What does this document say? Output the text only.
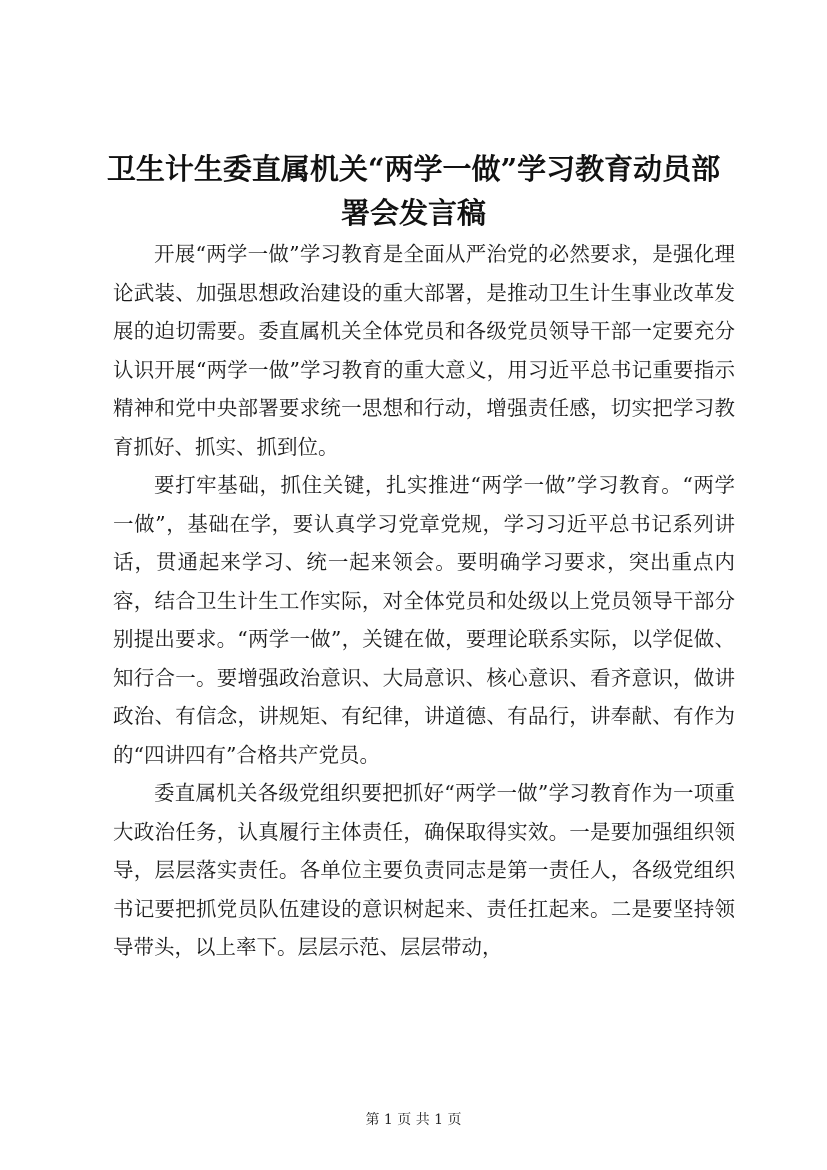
卫生计生委直属机关“两学一做”学习教育动员部署会发言稿

开展“两学一做”学习教育是全面从严治党的必然要求，是强化理论武装、加强思想政治建设的重大部署，是推动卫生计生事业改革发展的迫切需要。委直属机关全体党员和各级党员领导干部一定要充分认识开展“两学一做”学习教育的重大意义，用习近平总书记重要指示精神和党中央部署要求统一思想和行动，增强责任感，切实把学习教育抓好、抓实、抓到位。

要打牢基础，抓住关键，扎实推进“两学一做”学习教育。“两学一做”，基础在学，要认真学习党章党规，学习习近平总书记系列讲话，贯通起来学习、统一起来领会。要明确学习要求，突出重点内容，结合卫生计生工作实际，对全体党员和处级以上党员领导干部分别提出要求。“两学一做”，关键在做，要理论联系实际，以学促做、知行合一。要增强政治意识、大局意识、核心意识、看齐意识，做讲政治、有信念，讲规矩、有纪律，讲道德、有品行，讲奉献、有作为的“四讲四有”合格共产党员。

委直属机关各级党组织要把抓好“两学一做”学习教育作为一项重大政治任务，认真履行主体责任，确保取得实效。一是要加强组织领导，层层落实责任。各单位主要负责同志是第一责任人，各级党组织书记要把抓党员队伍建设的意识树起来、责任扛起来。二是要坚持领导带头，以上率下。层层示范、层层带动，

第 1 页 共 1 页
